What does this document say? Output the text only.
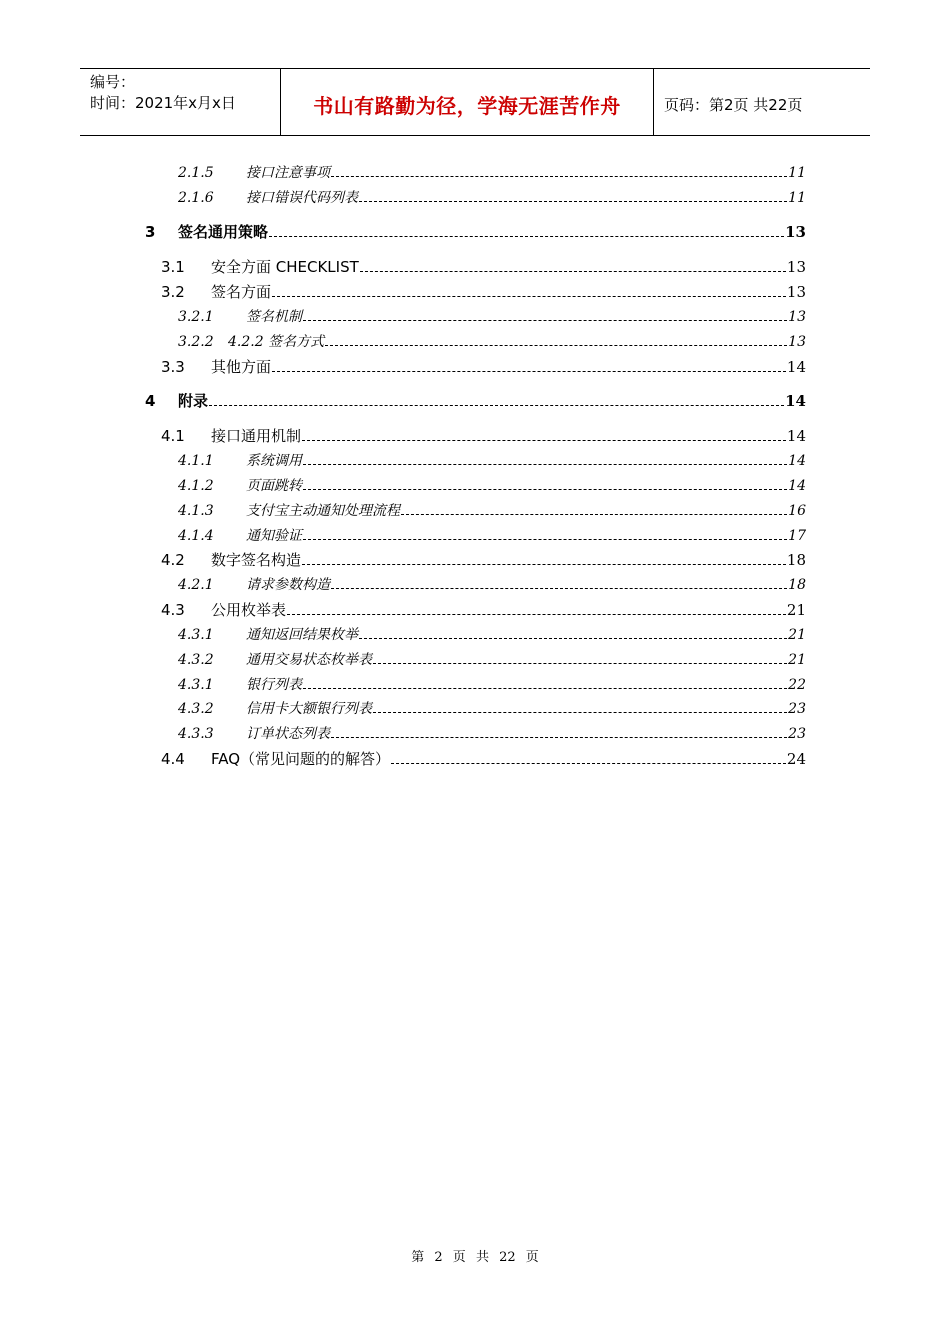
编号：
时间：2021年x月x日	书山有路勤为径，学海无涯苦作舟	页码：第2页 共22页
2.1.5	接口注意事项	11
2.1.6	接口错误代码列表	11
3	签名通用策略	13
3.1	安全方面 CHECKLIST	13
3.2	签名方面	13
3.2.1	签名机制	13
3.2.2	4.2.2 签名方式	13
3.3	其他方面	14
4	附录	14
4.1	接口通用机制	14
4.1.1	系统调用	14
4.1.2	页面跳转	14
4.1.3	支付宝主动通知处理流程	16
4.1.4	通知验证	17
4.2	数字签名构造	18
4.2.1	请求参数构造	18
4.3	公用枚举表	21
4.3.1	通知返回结果枚举	21
4.3.2	通用交易状态枚举表	21
4.3.1	银行列表	22
4.3.2	信用卡大额银行列表	23
4.3.3	订单状态列表	23
4.4	FAQ（常见问题的的解答）	24
第 2 页 共 22 页
